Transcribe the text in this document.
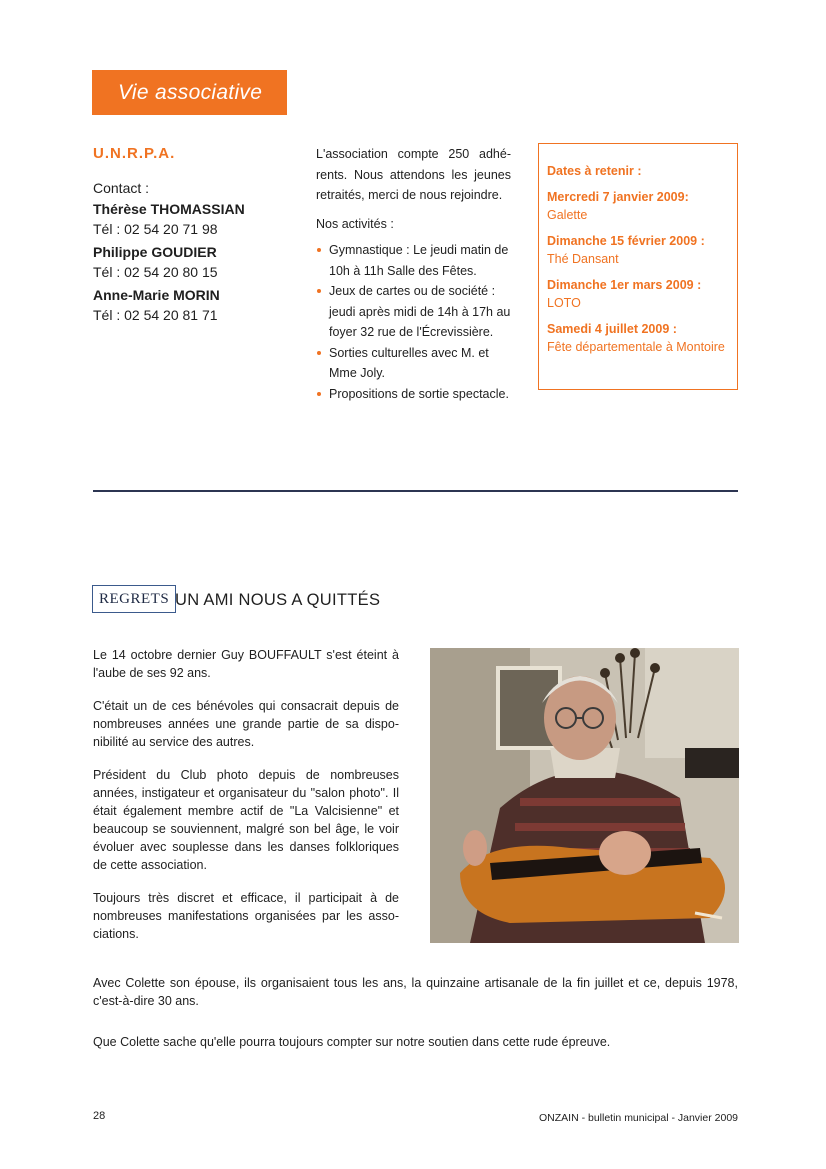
Vie associative
U.N.R.P.A.
Contact :
Thérèse THOMASSIAN
Tél : 02 54 20 71 98
Philippe GOUDIER
Tél : 02 54 20 80 15
Anne-Marie MORIN
Tél : 02 54 20 81 71

L'association compte 250 adhé-rents. Nous attendons les jeunes retraités, merci de nous rejoindre.

Nos activités :

Gymnastique : Le jeudi matin de 10h à 11h Salle des Fêtes.
Jeux de cartes ou de société : jeudi après midi de 14h à 17h au foyer 32 rue de l'Écrevissière.
Sorties culturelles avec M. et Mme Joly.
Propositions de sortie spectacle.
Dates à retenir :
Mercredi 7 janvier 2009:
Galette
Dimanche 15 février 2009 :
Thé Dansant
Dimanche 1er mars 2009 :
LOTO
Samedi 4 juillet 2009 :
Fête départementale à Montoire
REGRETS UN AMI NOUS A QUITTÉS

Le 14 octobre dernier Guy BOUFFAULT s'est éteint à l'aube de ses 92 ans.

C'était un de ces bénévoles qui consacrait depuis de nombreuses années une grande partie de sa dispo-nibilité au service des autres.

Président du Club photo depuis de nombreuses années, instigateur et organisateur du "salon photo". Il était également membre actif de "La Valcisienne" et beaucoup se souviennent, malgré son bel âge, le voir évoluer avec souplesse dans les danses folkloriques de cette association.

Toujours très discret et efficace, il participait à de nombreuses manifestations organisées par les asso-ciations.

Avec Colette son épouse, ils organisaient tous les ans, la quinzaine artisanale de la fin juillet et ce, depuis 1978, c'est-à-dire 30 ans.
Que Colette sache qu'elle pourra toujours compter sur notre soutien dans cette rude épreuve.
28	ONZAIN - bulletin municipal - Janvier 2009
